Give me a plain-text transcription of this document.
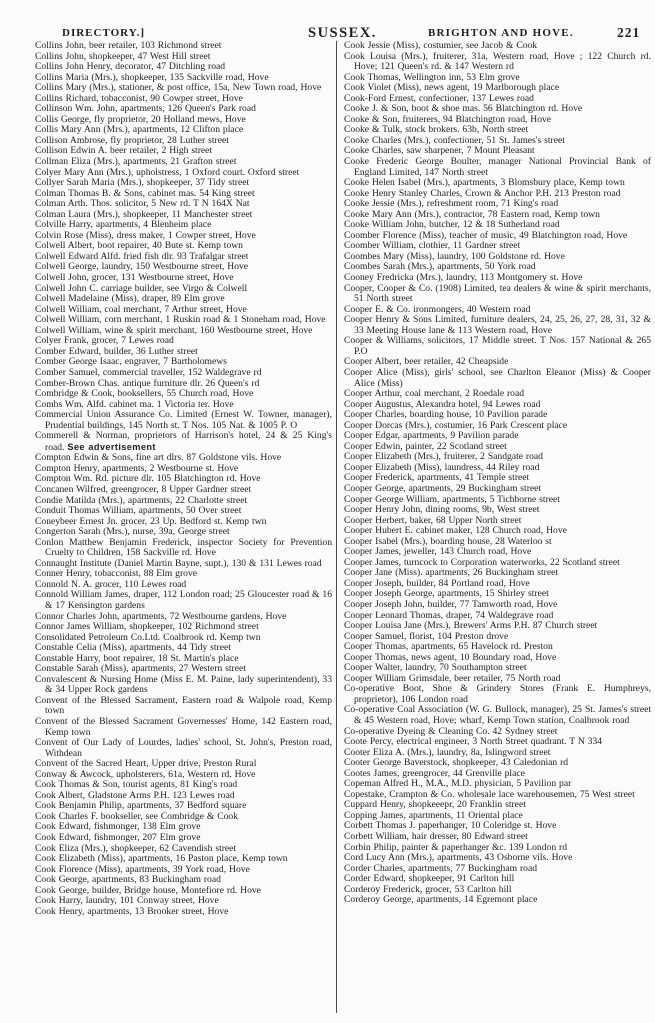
DIRECTORY.]	SUSSEX.	BRIGHTON AND HOVE.	221
Collins John, beer retailer, 103 Richmond street
Collins John, shopkeeper, 47 West Hill street
Collins John Henry, decorator, 47 Ditchling road
Collins Maria (Mrs.), shopkeeper, 135 Sackville road, Hove
Collins Mary (Mrs.), stationer, & post office, 15a, New Town road, Hove
Collins Richard, tobacconist, 90 Cowper street, Hove
Collinson Wm. John, apartments, 126 Queen's Park road
Collis George, fly proprietor, 20 Holland mews, Hove
Collis Mary Ann (Mrs.), apartments, 12 Clifton place
Collison Ambrose, fly proprietor, 28 Luther street
Collison Edwin A. beer retailer, 2 High street
Collman Eliza (Mrs.), apartments, 21 Grafton street
Colyer Mary Ann (Mrs.), upholstress, 1 Oxford court. Oxford street
Collyer Sarah Maria (Mrs.), shopkeeper, 37 Tidy street
Colman Thomas B. & Sons, cabinet mas. 54 King street
Colman Arth. Thos. solicitor, 5 New rd. T N 164X Nat
Colman Laura (Mrs.), shopkeeper, 11 Manchester street
Colville Harry, apartments, 4 Blenheim place
Colvin Rose (Miss), dress maker, 1 Cowper street, Hove
Colwell Albert, boot repairer, 40 Bute st. Kemp town
Colwell Edward Alfd. fried fish dlr. 93 Trafalgar street
Colwell George, laundry, 150 Westbourne street, Hove
Colwell John, grocer, 131 Westbourne street, Hove
Colwell John C. carriage builder, see Virgo & Colwell
Colwell Madelaine (Miss), draper, 89 Elm grove
Colwell William, coal merchant, 7 Arthur street, Hove
Colwell William, corn merchant, 1 Ruskin road & 1 Stoneham road, Hove
Colwell William, wine & spirit merchant, 160 Westbourne street, Hove
Colyer Frank, grocer, 7 Lewes road
Comber Edward, builder, 36 Luther street
Comber George Isaac, engraver, 7 Bartholomews
Comber Samuel, commercial traveller, 152 Waldegrave rd
Comber-Brown Chas. antique furniture dlr. 26 Queen's rd
Combridge & Cook, booksellers, 55 Church road, Hove
Combs Wm. Alfd. cabinet ma. 1 Victoria ter. Hove
Commercial Union Assurance Co. Limited (Ernest W. Towner, manager), Prudential buildings, 145 North st. T Nos. 105 Nat. & 1005 P. O
Commerell & Norman, proprietors of Harrison's hotel, 24 & 25 King's road. See advertisement
Compton Edwin & Sons, fine art dlrs. 87 Goldstone vils. Hove
Compton Henry, apartments, 2 Westbourne st. Hove
Compton Wm. Rd. picture dlr. 105 Blatchington rd. Hove
Concanen Wilfred, greengrocer, 8 Upper Gardner street
Condie Matilda (Mrs.), apartments, 22 Charlotte street
Conduit Thomas William, apartments, 50 Over street
Coneybeer Ernest Jn. grocer, 23 Up. Bedford st. Kemp twn
Congerton Sarah (Mrs.), nurse, 39a, George street
Conlon Matthew Benjamin Frederick, inspector Society for Prevention Cruelty to Children, 158 Sackville rd. Hove
Connaught Institute (Daniel Martin Bayne, supt.), 130 & 131 Lewes road
Conner Henry, tobacconist, 88 Elm grove
Connold N. A. grocer, 110 Lewes road
Connold William James, draper, 112 London road; 25 Gloucester road & 16 & 17 Kensington gardens
Connor Charles John, apartments, 72 Westbourne gardens, Hove
Connor James William, shopkeeper, 102 Richmond street
Consolidated Petroleum Co.Ltd. Coalbrook rd. Kemp twn
Constable Celia (Miss), apartments, 44 Tidy street
Constable Harry, boot repairer, 18 St. Martin's place
Constable Sarah (Miss), apartments, 27 Western street
Convalescent & Nursing Home (Miss E. M. Paine, lady superintendent), 33 & 34 Upper Rock gardens
Convent of the Blessed Sacrament, Eastern road & Walpole road, Kemp town
Convent of the Blessed Sacrament Governesses' Home, 142 Eastern road, Kemp town
Convent of Our Lady of Lourdes, ladies' school, St. John's, Preston road, Withdean
Convent of the Sacred Heart, Upper drive, Preston Rural
Conway & Awcock, upholsterers, 61a, Western rd. Hove
Cook Thomas & Son, tourist agents, 81 King's road
Cook Albert, Gladstone Arms P.H. 123 Lewes road
Cook Benjamin Philip, apartments, 37 Bedford square
Cook Charles F. bookseller, see Combridge & Cook
Cook Edward, fishmonger, 138 Elm grove
Cook Edward, fishmonger, 207 Elm grove
Cook Eliza (Mrs.), shopkeeper, 62 Cavendish street
Cook Elizabeth (Miss), apartments, 16 Paston place, Kemp town
Cook Florence (Miss), apartments, 39 York road, Hove
Cook George, apartments, 83 Buckingham road
Cook George, builder, Bridge house, Montefiore rd. Hove
Cook Harry, laundry, 101 Conway street, Hove
Cook Henry, apartments, 13 Brooker street, Hove
Cook Jessie (Miss), costumier, see Jacob & Cook
Cook Louisa (Mrs.), fruiterer, 31a, Western road, Hove ; 122 Church rd. Hove; 121 Queen's rd. & 147 Western rd
Cook Thomas, Wellington inn, 53 Elm grove
Cook Violet (Miss), news agent, 19 Marlborough place
Cook-Ford Ernest, confectioner, 137 Lewes road
Cooke J. & Son, boot & shoe mas. 56 Blatchington rd. Hove
Cooke & Son, fruiterers, 94 Blatchington road, Hove
Cooke & Tulk, stock brokers. 63b, North street
Cooke Charles (Mrs.), confectioner, 51 St. James's street
Cooke Charles, saw sharpener, 7 Mount Pleasant
Cooke Frederic George Boulter, manager National Provincial Bank of England Limited, 147 North street
Cooke Helen Isabel (Mrs.), apartments, 3 Blomsbury place, Kemp town
Cooke Henry Stanley Charles, Crown & Anchor P.H. 213 Preston road
Cooke Jessie (Mrs.), refreshment room, 71 King's road
Cooke Mary Ann (Mrs.), contractor, 78 Eastern road, Kemp town
Cooke William John, butcher, 12 & 18 Sutherland road
Coomber Florence (Miss), teacher of music, 49 Blatchington road, Hove
Coomber William, clothier, 11 Gardner street
Coombes Mary (Miss), laundry, 100 Goldstone rd. Hove
Coombes Sarah (Mrs.), apartments, 50 York road
Cooney Fredricka (Mrs.), laundry, 113 Montgomery st. Hove
Cooper, Cooper & Co. (1908) Limited, tea dealers & wine & spirit merchants, 51 North street
Cooper E. & Co. ironmongers, 40 Western road
Cooper Henry & Sons Limited, furniture dealers, 24, 25, 26, 27, 28, 31, 32 & 33 Meeting House lane & 113 Western road, Hove
Cooper & Williams, solicitors, 17 Middle street. T Nos. 157 National & 265 P.O
Cooper Albert, beer retailer, 42 Cheapside
Cooper Alice (Miss), girls' school, see Charlton Eleanor (Miss) & Cooper Alice (Miss)
Cooper Arthur, coal merchant, 2 Roedale road
Cooper Augustus, Alexandra hotel, 94 Lewes road
Cooper Charles, boarding house, 10 Pavilion parade
Cooper Dorcas (Mrs.), costumier, 16 Park Crescent place
Cooper Edgar, apartments, 9 Pavilion parade
Cooper Edwin, painter, 22 Scotland street
Cooper Elizabeth (Mrs.), fruiterer, 2 Sandgate road
Cooper Elizabeth (Miss), laundress, 44 Riley road
Cooper Frederick, apartments, 41 Temple street
Cooper George, apartments, 29 Buckingham street
Cooper George William, apartments, 5 Tichborne street
Cooper Henry John, dining rooms, 9b, West street
Cooper Herbert, baker, 68 Upper North street
Cooper Hubert E. cabinet maker, 128 Church road, Hove
Cooper Isabel (Mrs.), boarding house, 28 Waterloo st
Cooper James, jeweller, 143 Church road, Hove
Cooper James, turncock to Corporation waterworks, 22 Scotland street
Cooper Jane (Miss). apartments, 26 Buckingham street
Cooper Joseph, builder, 84 Portland road, Hove
Cooper Joseph George, apartments, 15 Shirley street
Cooper Joseph John, builder, 77 Tamworth road, Hove
Cooper Leonard Thomas, draper, 74 Waldegrave road
Cooper Louisa Jane (Mrs.), Brewers' Arms P.H. 87 Church street
Cooper Samuel, florist, 104 Preston drove
Cooper Thomas, apartments, 65 Havelock rd. Preston
Cooper Thomas, news agent, 10 Boundary road, Hove
Cooper Walter, laundry, 70 Southampton street
Cooper William Grimsdale, beer retailer, 75 North road
Co-operative Boot, Shoe & Grindery Stores (Frank E. Humphreys, proprietor), 106 London road
Co-operative Coal Association (W. G. Bullock, manager), 25 St. James's street & 45 Western road, Hove; wharf, Kemp Town station, Coalbrook road
Co-operative Dyeing & Cleaning Co. 42 Sydney street
Coote Percy, electrical engineer, 3 North Street quadrant. T N 334
Cooter Eliza A. (Mrs.), laundry, 8a, Islingword street
Cooter George Baverstock, shopkeeper, 43 Caledonian rd
Cootes James, greengrocer, 44 Grenville place
Copeman Alfred H., M.A., M.D. physician, 5 Pavilion par
Copestake, Crampton & Co. wholesale lace warehousemen, 75 West street
Cuppard Henry, shopkeeepr, 20 Franklin street
Copping James, apartments, 11 Oriental place
Corbett Thomas J. paperhanger, 10 Coleridge st. Hove
Corbett William, hair dresser, 80 Edward street
Corbin Philip, painter & paperhanger &c. 139 London rd
Cord Lucy Ann (Mrs.), apartments, 43 Osborne vils. Hove
Corder Charles, apartments, 77 Buckingham road
Corder Edward, shopkeeper, 91 Carlton hill
Corderoy Frederick, grocer, 53 Carlton hill
Corderoy George, apartments, 14 Egremont place
